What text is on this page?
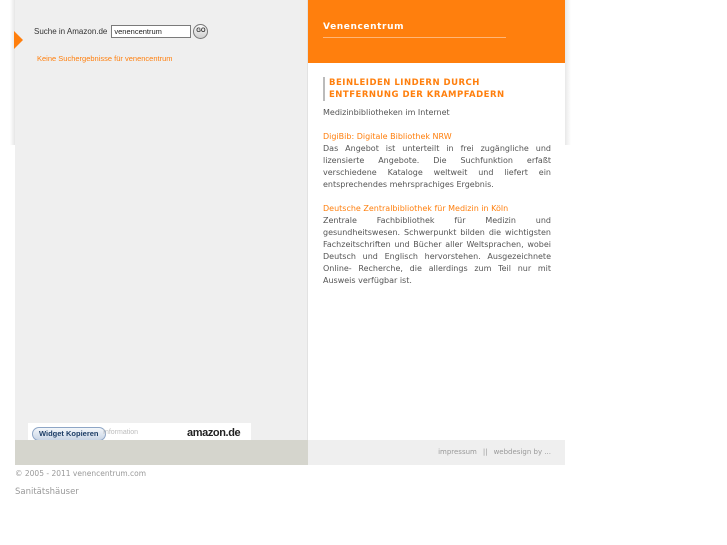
Suche in Amazon.de
venencentrum	GO
Keine Suchergebnisse für venencentrum
Widget Kopieren Information	amazon.de
Venencentrum
BEINLEIDEN LINDERN DURCH ENTFERNUNG DER KRAMPFADERN
Medizinbibliotheken im Internet
DigiBib: Digitale Bibliothek NRW
Das Angebot ist unterteilt in frei zugängliche und lizensierte Angebote. Die Suchfunktion erfaßt verschiedene Kataloge weltweit und liefert ein entsprechendes mehrsprachiges Ergebnis.
Deutsche Zentralbibliothek für Medizin in Köln
Zentrale Fachbibliothek für Medizin und gesundheitswesen. Schwerpunkt bilden die wichtigsten Fachzeitschriften und Bücher aller Weltsprachen, wobei Deutsch und Englisch hervorstehen. Ausgezeichnete Online- Recherche, die allerdings zum Teil nur mit Ausweis verfügbar ist.
impressum || webdesign by ...
© 2005 - 2011 venencentrum.com
Sanitätshäuser
